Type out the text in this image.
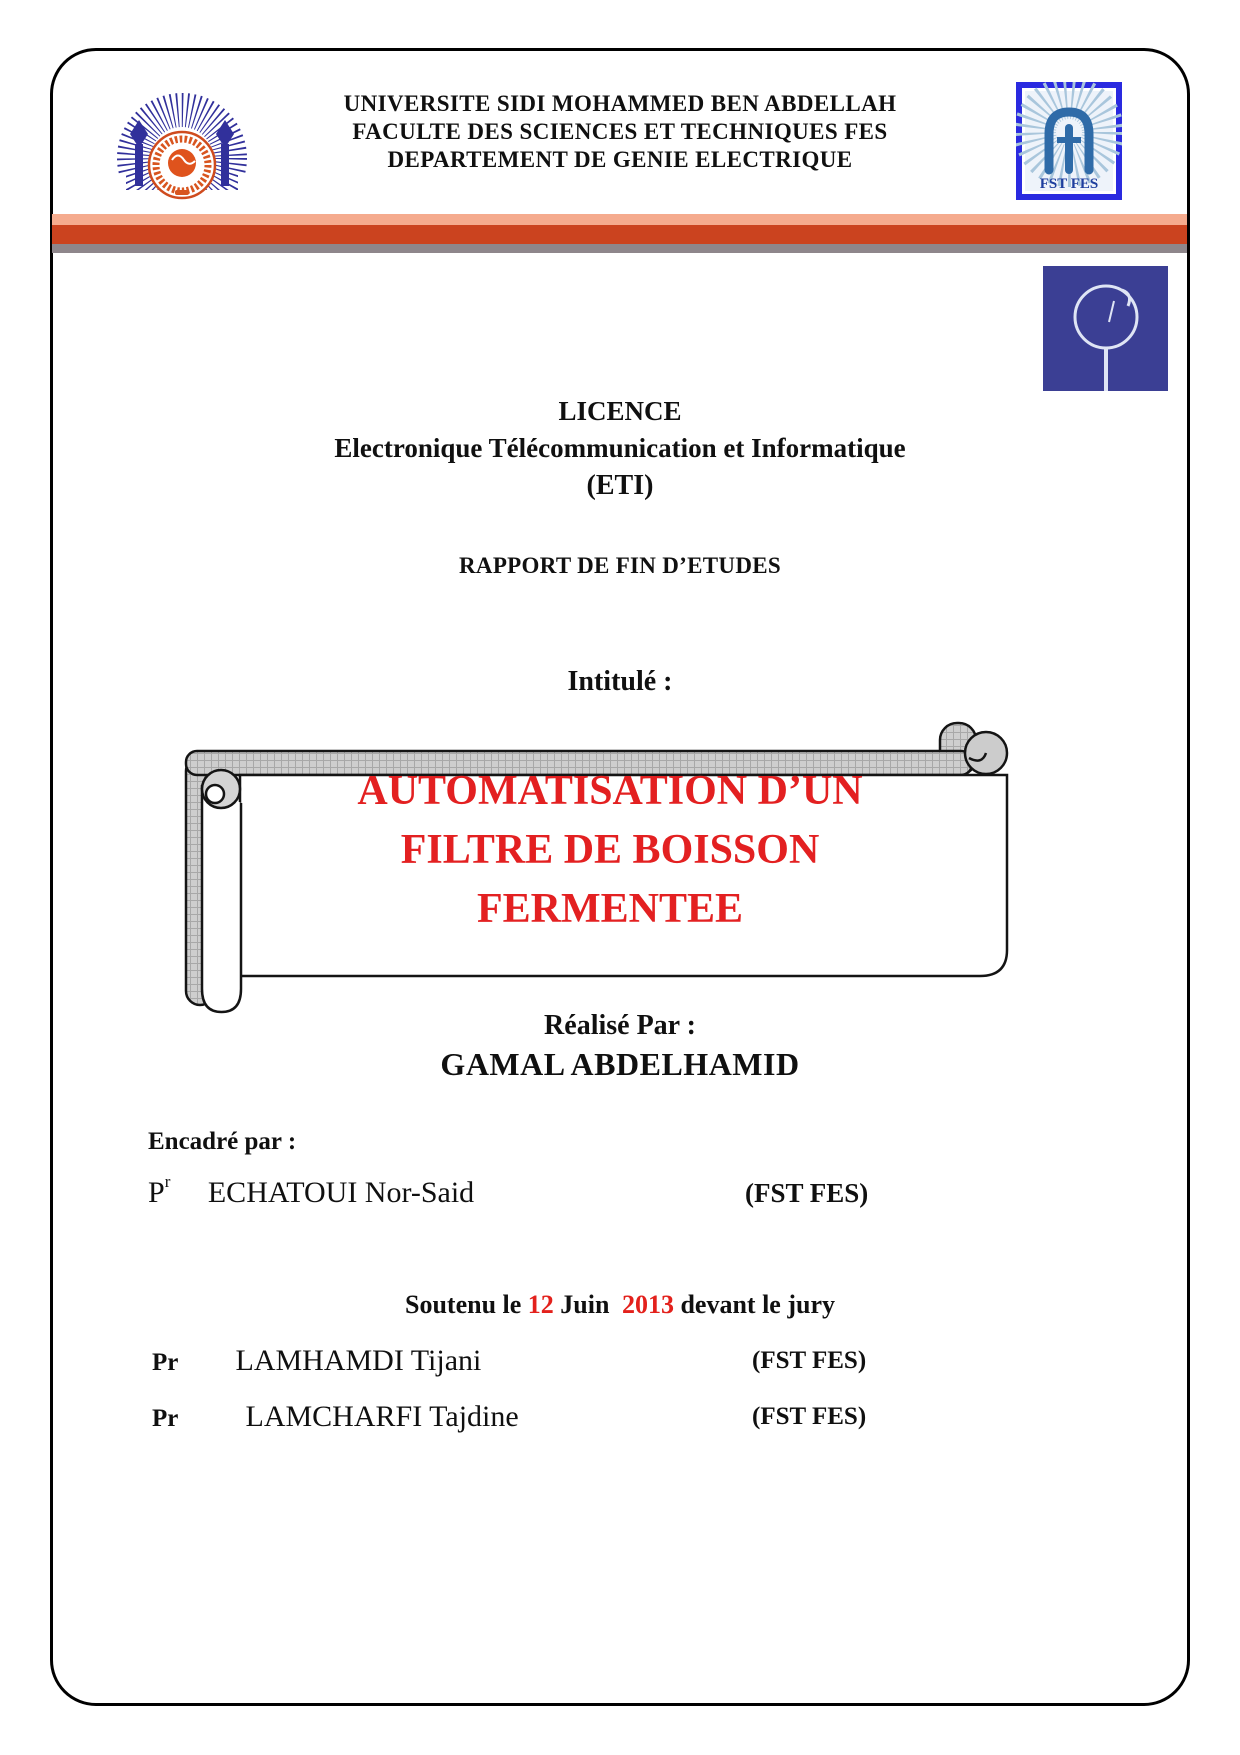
UNIVERSITE SIDI MOHAMMED BEN ABDELLAH
FACULTE DES SCIENCES ET TECHNIQUES FES
DEPARTEMENT DE GENIE ELECTRIQUE
FST FES
LICENCE
Electronique Télécommunication et Informatique
(ETI)
RAPPORT DE FIN D’ETUDES
Intitulé :
AUTOMATISATION D’UN
FILTRE DE BOISSON
FERMENTEE
Réalisé Par :
GAMAL ABDELHAMID
Encadré par :
$P^r$ ECHATOUI Nor-Said	(FST FES)
Soutenu le 12 Juin 2013 devant le jury
Pr LAMHAMDI Tijani	(FST FES)
Pr LAMCHARFI Tajdine	(FST FES)
